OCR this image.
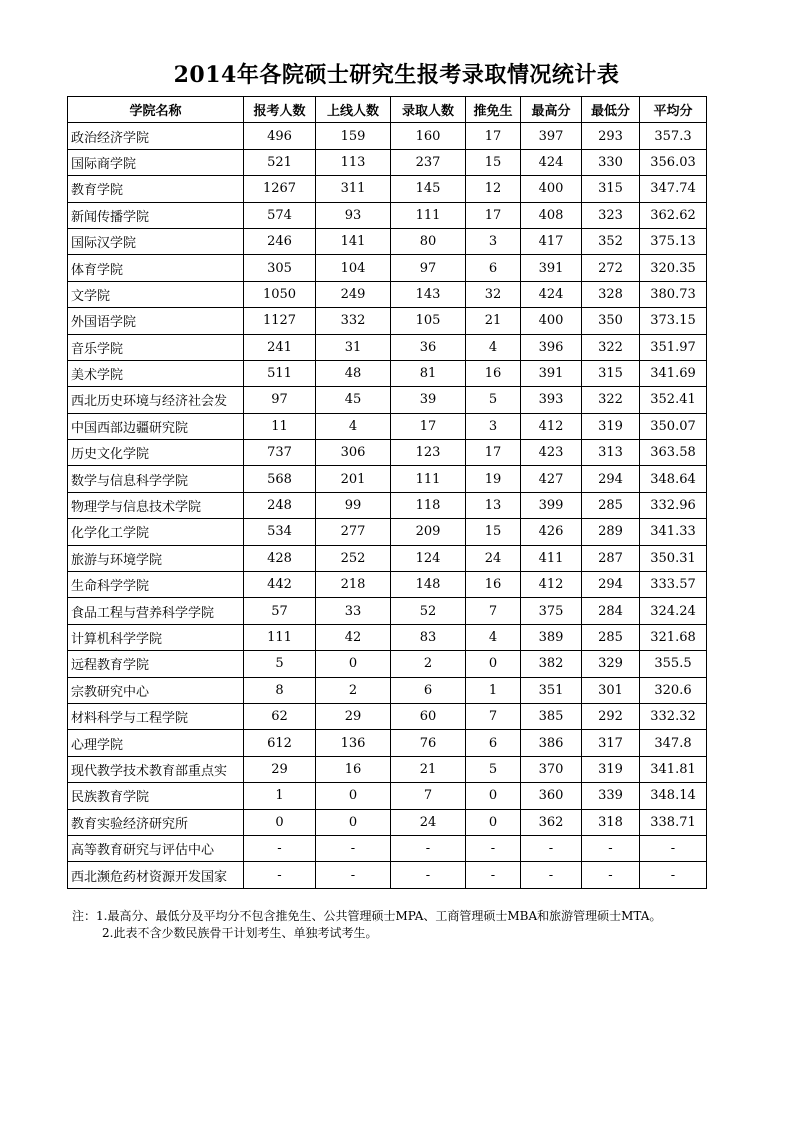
2014年各院硕士研究生报考录取情况统计表
学院名称	报考人数	上线人数	录取人数	推免生	最高分	最低分	平均分
政治经济学院	496	159	160	17	397	293	357.3
国际商学院	521	113	237	15	424	330	356.03
教育学院	1267	311	145	12	400	315	347.74
新闻传播学院	574	93	111	17	408	323	362.62
国际汉学院	246	141	80	3	417	352	375.13
体育学院	305	104	97	6	391	272	320.35
文学院	1050	249	143	32	424	328	380.73
外国语学院	1127	332	105	21	400	350	373.15
音乐学院	241	31	36	4	396	322	351.97
美术学院	511	48	81	16	391	315	341.69
西北历史环境与经济社会发	97	45	39	5	393	322	352.41
中国西部边疆研究院	11	4	17	3	412	319	350.07
历史文化学院	737	306	123	17	423	313	363.58
数学与信息科学学院	568	201	111	19	427	294	348.64
物理学与信息技术学院	248	99	118	13	399	285	332.96
化学化工学院	534	277	209	15	426	289	341.33
旅游与环境学院	428	252	124	24	411	287	350.31
生命科学学院	442	218	148	16	412	294	333.57
食品工程与营养科学学院	57	33	52	7	375	284	324.24
计算机科学学院	111	42	83	4	389	285	321.68
远程教育学院	5	0	2	0	382	329	355.5
宗教研究中心	8	2	6	1	351	301	320.6
材料科学与工程学院	62	29	60	7	385	292	332.32
心理学院	612	136	76	6	386	317	347.8
现代教学技术教育部重点实	29	16	21	5	370	319	341.81
民族教育学院	1	0	7	0	360	339	348.14
教育实验经济研究所	0	0	24	0	362	318	338.71
高等教育研究与评估中心	-	-	-	-	-	-	-
西北濒危药材资源开发国家	-	-	-	-	-	-	-

注：1.最高分、最低分及平均分不包含推免生、公共管理硕士MPA、工商管理硕士MBA和旅游管理硕士MTA。

2.此表不含少数民族骨干计划考生、单独考试考生。
